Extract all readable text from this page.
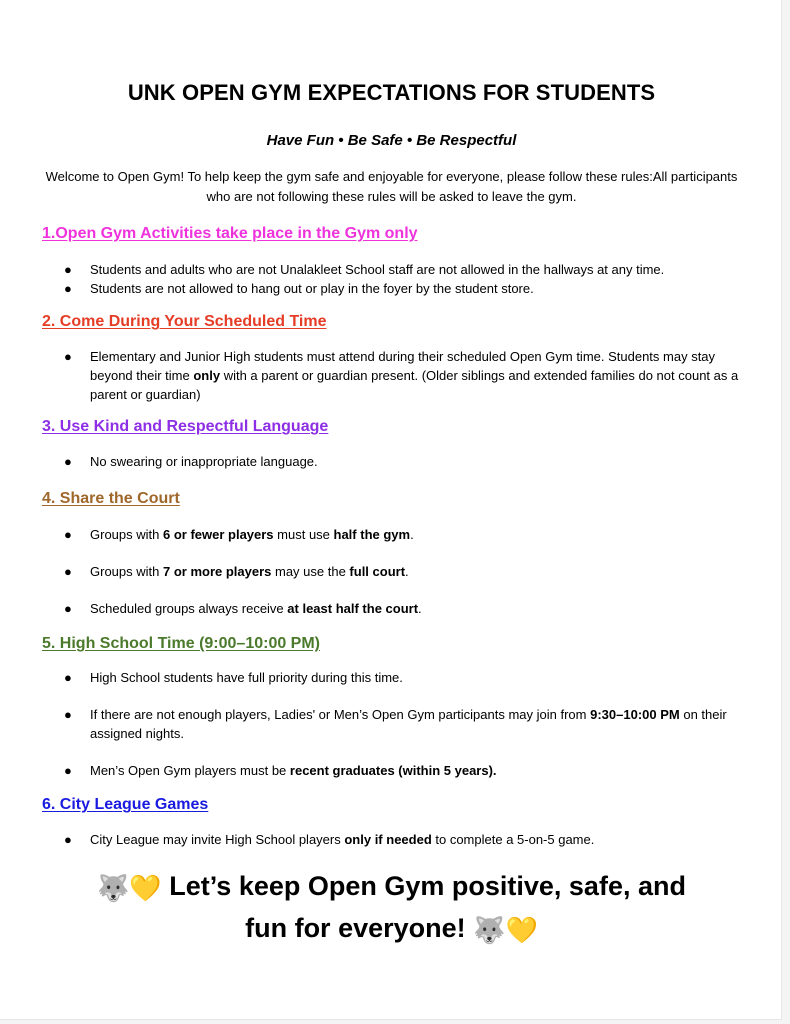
UNK OPEN GYM EXPECTATIONS FOR STUDENTS

Have Fun • Be Safe • Be Respectful

Welcome to Open Gym! To help keep the gym safe and enjoyable for everyone, please follow these rules:All participants who are not following these rules will be asked to leave the gym.

1.Open Gym Activities take place in the Gym only
● Students and adults who are not Unalakleet School staff are not allowed in the hallways at any time.
● Students are not allowed to hang out or play in the foyer by the student store.
2. Come During Your Scheduled Time
● Elementary and Junior High students must attend during their scheduled Open Gym time. Students may stay beyond their time only with a parent or guardian present. (Older siblings and extended families do not count as a parent or guardian)
3. Use Kind and Respectful Language
● No swearing or inappropriate language.
4. Share the Court
● Groups with 6 or fewer players must use half the gym.
● Groups with 7 or more players may use the full court.
● Scheduled groups always receive at least half the court.
5. High School Time (9:00–10:00 PM)
● High School students have full priority during this time.
● If there are not enough players, Ladies' or Men’s Open Gym participants may join from 9:30–10:00 PM on their assigned nights.
● Men’s Open Gym players must be recent graduates (within 5 years).
6. City League Games
● City League may invite High School players only if needed to complete a 5-on-5 game.

🐺💛 Let’s keep Open Gym positive, safe, and
fun for everyone! 🐺💛
